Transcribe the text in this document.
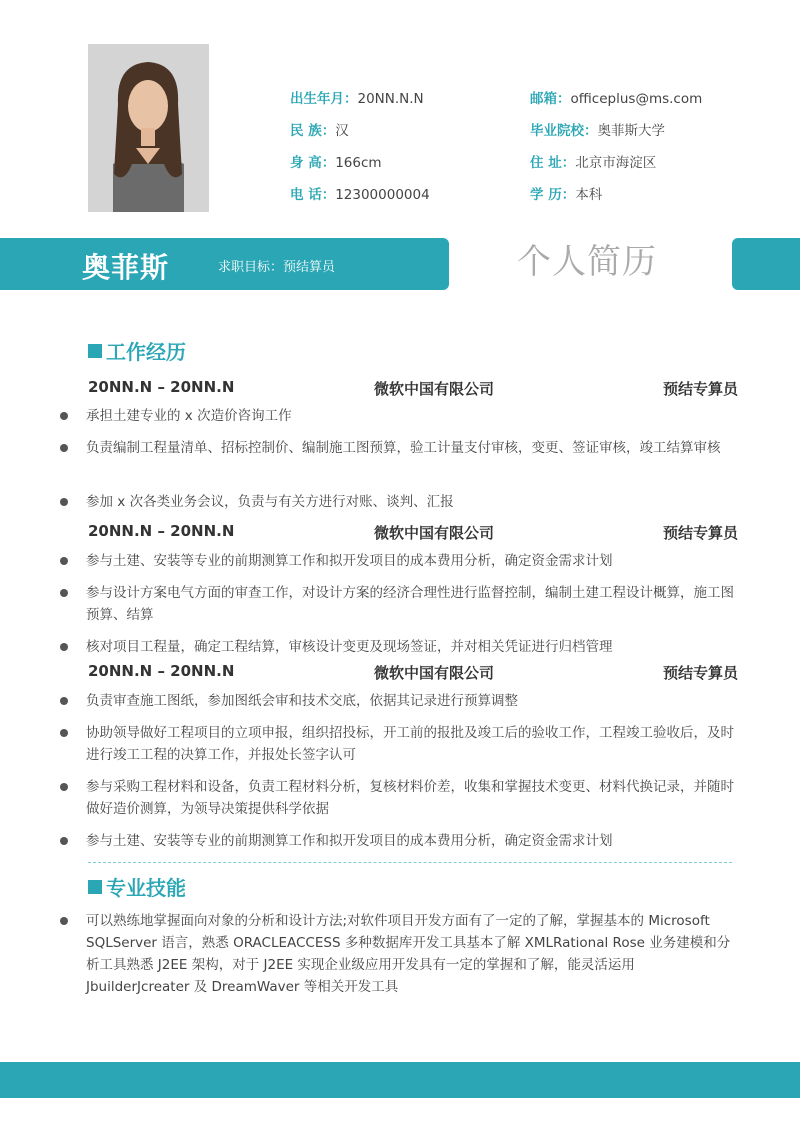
出生年月：20NN.N.N
民 族：汉
身 高：166cm
电 话：12300000004
邮箱：officeplus@ms.com
毕业院校：奥菲斯大学
住 址：北京市海淀区
学 历：本科
奥菲斯	求职目标：预结算员	个人简历
工作经历
20NN.N – 20NN.N	微软中国有限公司	预结专算员
承担土建专业的 x 次造价咨询工作
负责编制工程量清单、招标控制价、编制施工图预算，验工计量支付审核，变更、签证审核，竣工结算审核
参加 x 次各类业务会议，负责与有关方进行对账、谈判、汇报
20NN.N – 20NN.N	微软中国有限公司	预结专算员
参与土建、安装等专业的前期测算工作和拟开发项目的成本费用分析，确定资金需求计划
参与设计方案电气方面的审查工作，对设计方案的经济合理性进行监督控制，编制土建工程设计概算，施工图预算、结算
核对项目工程量，确定工程结算，审核设计变更及现场签证，并对相关凭证进行归档管理
20NN.N – 20NN.N	微软中国有限公司	预结专算员
负责审查施工图纸，参加图纸会审和技术交底，依据其记录进行预算调整
协助领导做好工程项目的立项申报，组织招投标，开工前的报批及竣工后的验收工作，工程竣工验收后，及时进行竣工工程的决算工作，并报处长签字认可
参与采购工程材料和设备，负责工程材料分析，复核材料价差，收集和掌握技术变更、材料代换记录，并随时做好造价测算，为领导决策提供科学依据
参与土建、安装等专业的前期测算工作和拟开发项目的成本费用分析，确定资金需求计划
专业技能
可以熟练地掌握面向对象的分析和设计方法;对软件项目开发方面有了一定的了解，掌握基本的 Microsoft SQLServer 语言，熟悉 ORACLEACCESS 多种数据库开发工具基本了解 XMLRational Rose 业务建模和分析工具熟悉 J2EE 架构，对于 J2EE 实现企业级应用开发具有一定的掌握和了解，能灵活运用 JbuilderJcreater 及 DreamWaver 等相关开发工具
